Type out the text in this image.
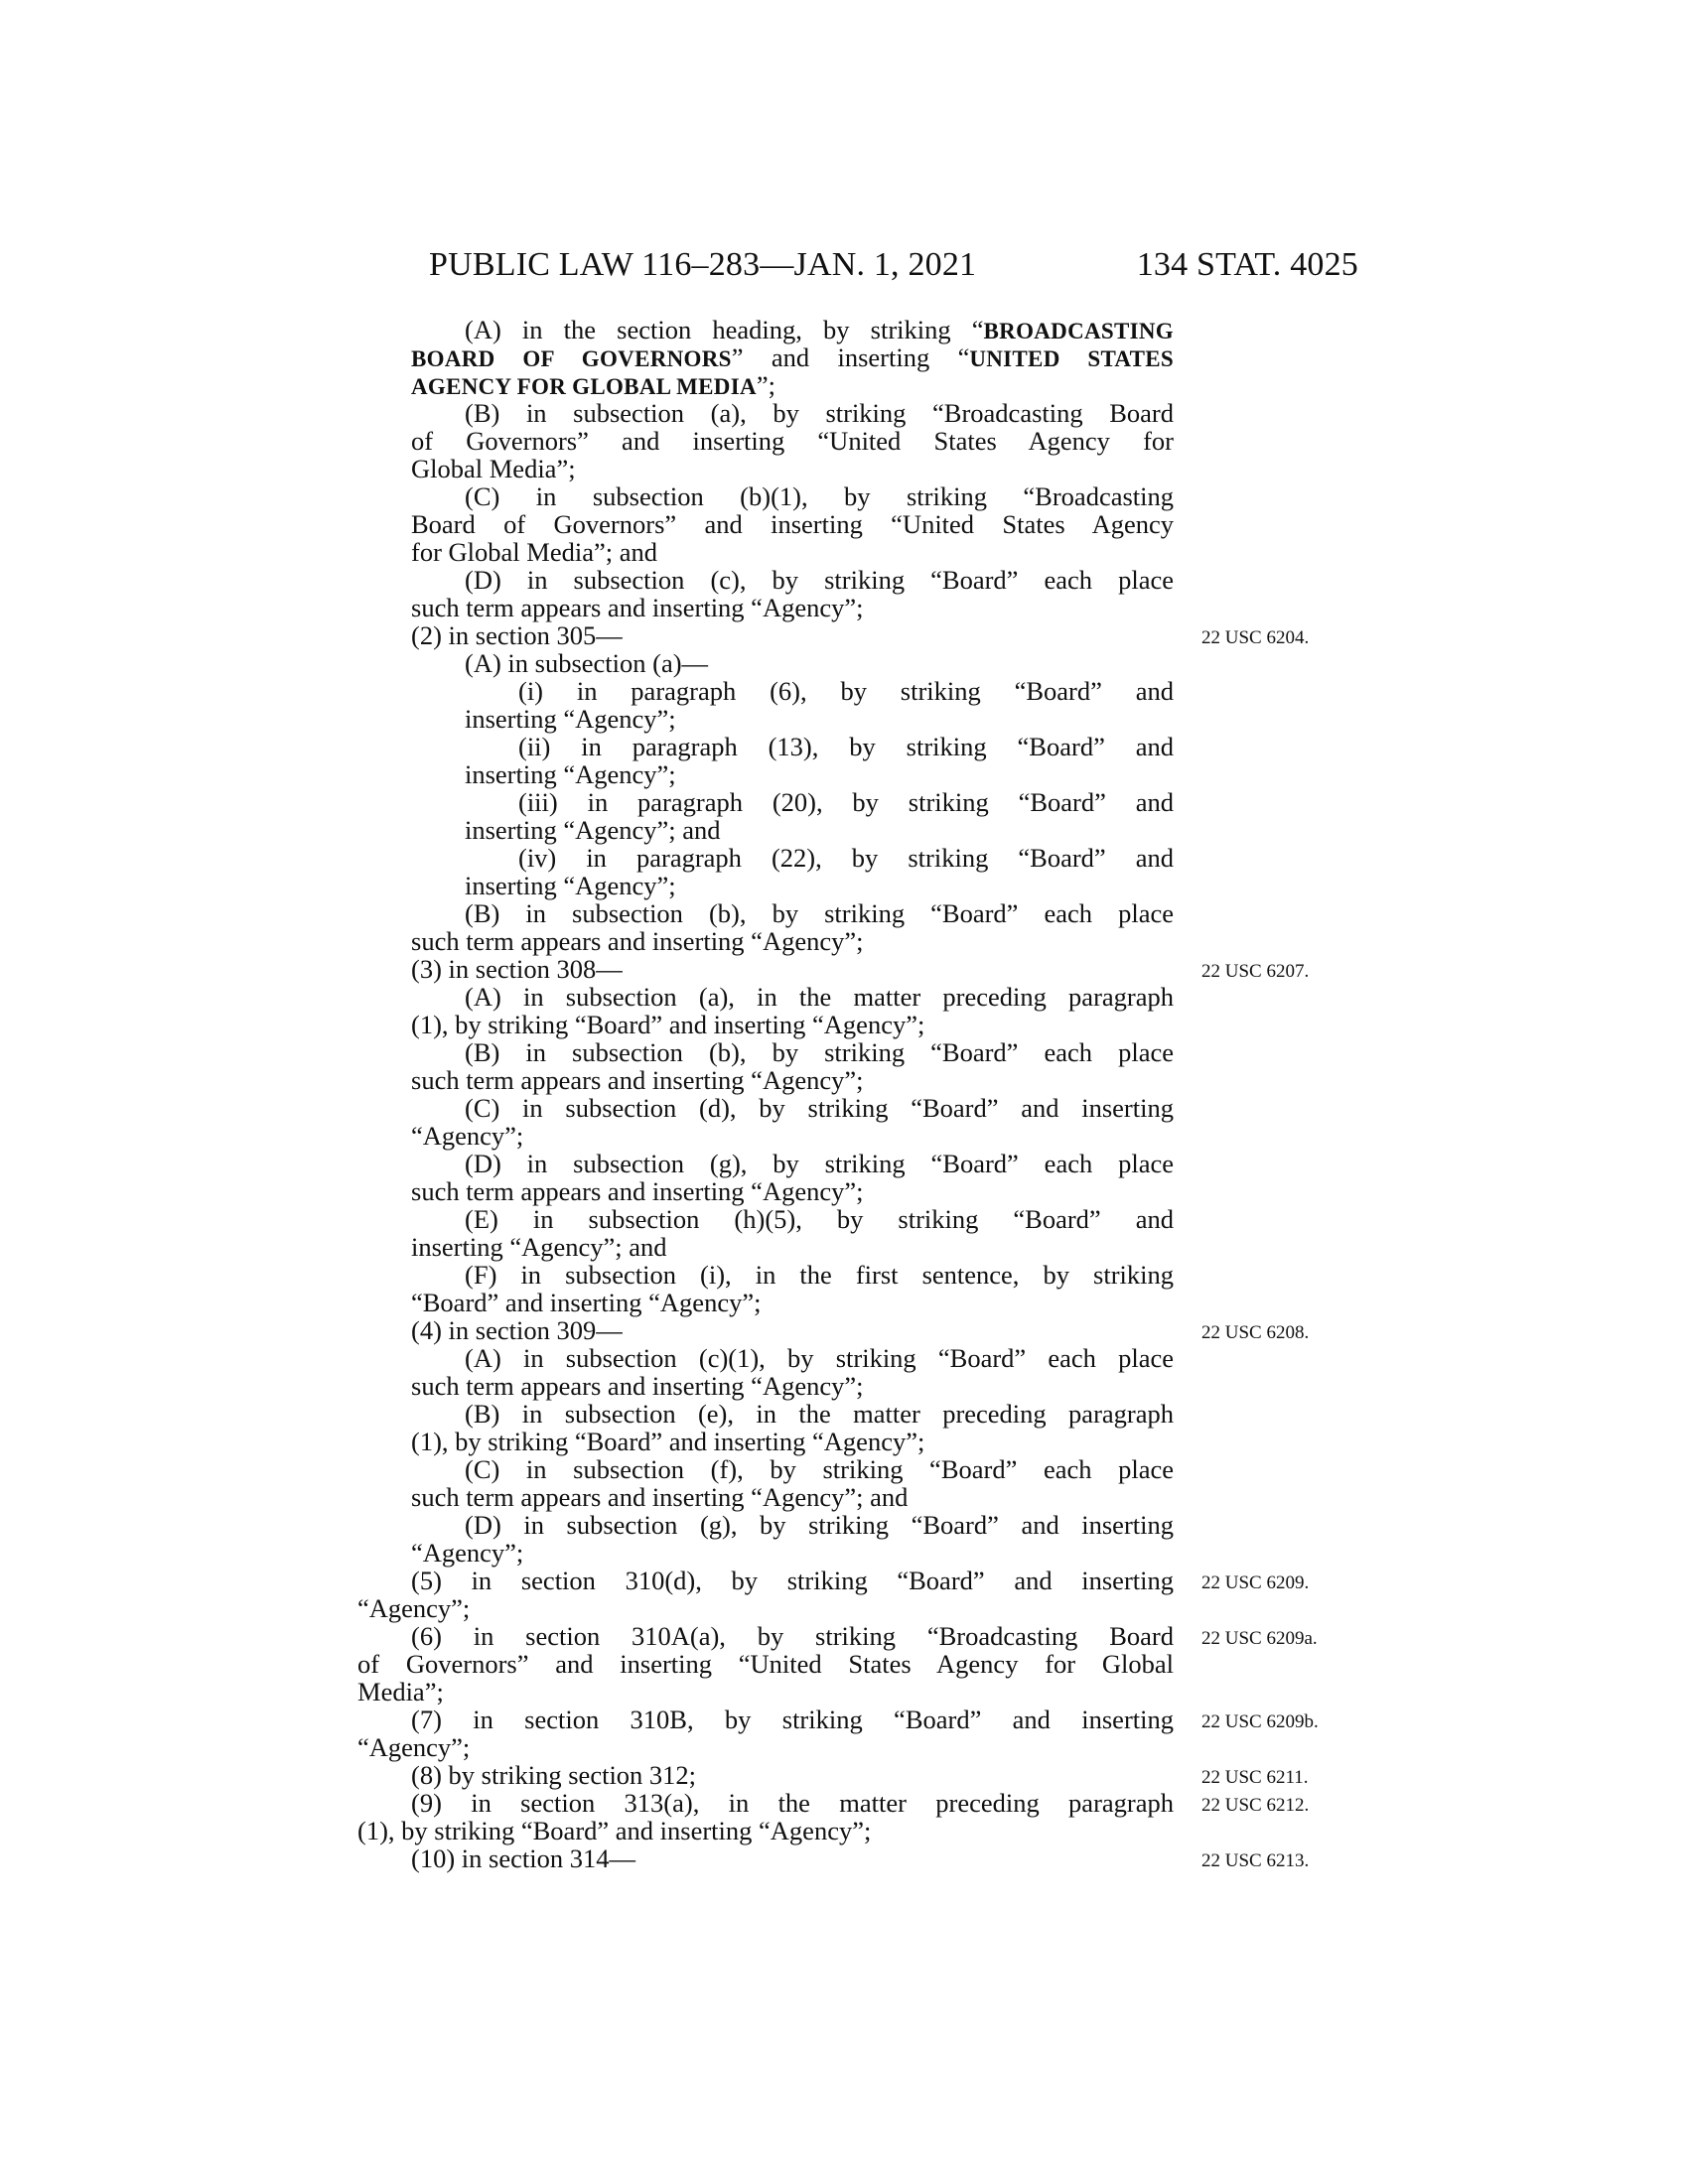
PUBLIC LAW 116–283—JAN. 1, 2021	134 STAT. 4025
(A) in the section heading, by striking “BROADCASTING
BOARD OF GOVERNORS” and inserting “UNITED STATES
AGENCY FOR GLOBAL MEDIA”;
(B) in subsection (a), by striking “Broadcasting Board
of Governors” and inserting “United States Agency for
Global Media”;
(C) in subsection (b)(1), by striking “Broadcasting
Board of Governors” and inserting “United States Agency
for Global Media”; and
(D) in subsection (c), by striking “Board” each place
such term appears and inserting “Agency”;
(2) in section 305—
(A) in subsection (a)—
(i) in paragraph (6), by striking “Board” and
inserting “Agency”;
(ii) in paragraph (13), by striking “Board” and
inserting “Agency”;
(iii) in paragraph (20), by striking “Board” and
inserting “Agency”; and
(iv) in paragraph (22), by striking “Board” and
inserting “Agency”;
(B) in subsection (b), by striking “Board” each place
such term appears and inserting “Agency”;
(3) in section 308—
(A) in subsection (a), in the matter preceding paragraph
(1), by striking “Board” and inserting “Agency”;
(B) in subsection (b), by striking “Board” each place
such term appears and inserting “Agency”;
(C) in subsection (d), by striking “Board” and inserting
“Agency”;
(D) in subsection (g), by striking “Board” each place
such term appears and inserting “Agency”;
(E) in subsection (h)(5), by striking “Board” and
inserting “Agency”; and
(F) in subsection (i), in the first sentence, by striking
“Board” and inserting “Agency”;
(4) in section 309—
(A) in subsection (c)(1), by striking “Board” each place
such term appears and inserting “Agency”;
(B) in subsection (e), in the matter preceding paragraph
(1), by striking “Board” and inserting “Agency”;
(C) in subsection (f), by striking “Board” each place
such term appears and inserting “Agency”; and
(D) in subsection (g), by striking “Board” and inserting
“Agency”;
(5) in section 310(d), by striking “Board” and inserting
“Agency”;
(6) in section 310A(a), by striking “Broadcasting Board
of Governors” and inserting “United States Agency for Global
Media”;
(7) in section 310B, by striking “Board” and inserting
“Agency”;
(8) by striking section 312;
(9) in section 313(a), in the matter preceding paragraph
(1), by striking “Board” and inserting “Agency”;
(10) in section 314—
22 USC 6204.
22 USC 6207.
22 USC 6208.
22 USC 6209.
22 USC 6209a.
22 USC 6209b.
22 USC 6211.
22 USC 6212.
22 USC 6213.
